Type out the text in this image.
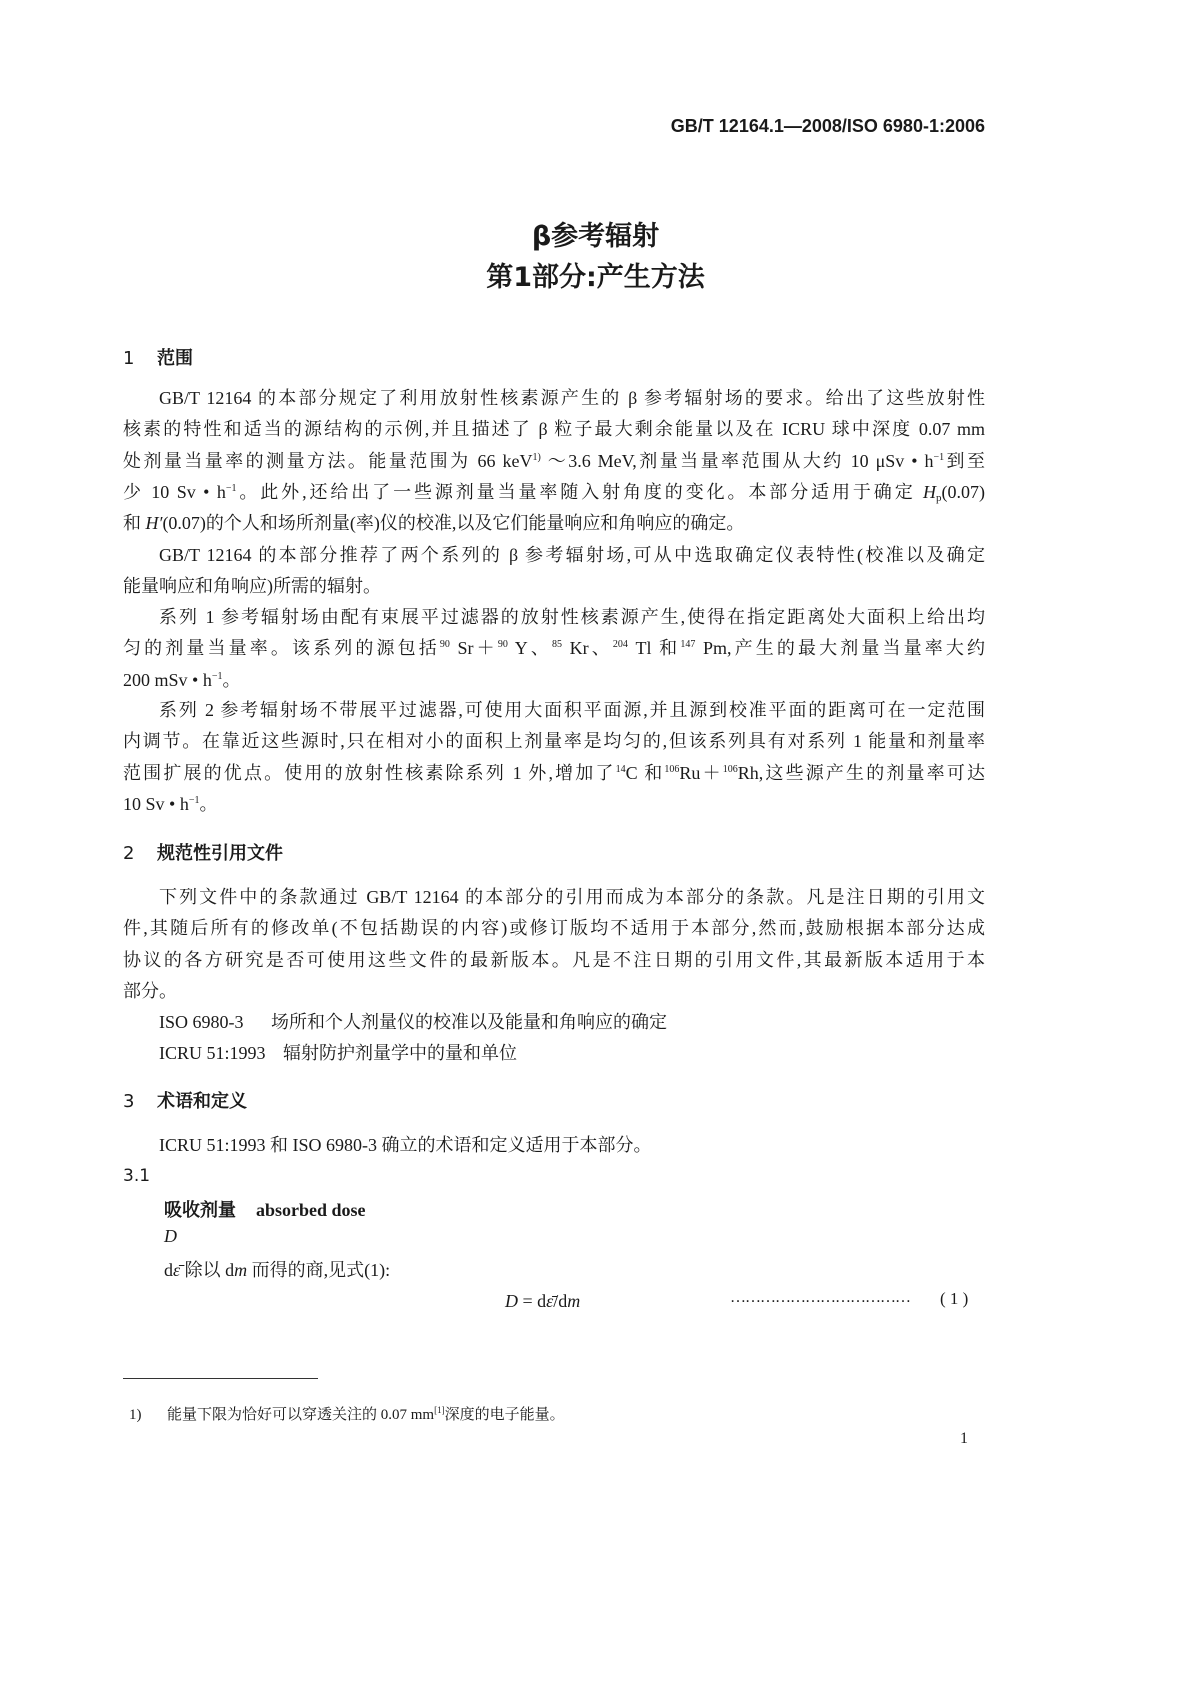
GB/T 12164.1—2008/ISO 6980-1:2006
β参考辐射
第1部分:产生方法
1 范围
GB/T 12164 的本部分规定了利用放射性核素源产生的 β 参考辐射场的要求。给出了这些放射性
核素的特性和适当的源结构的示例,并且描述了 β 粒子最大剩余能量以及在 ICRU 球中深度 0.07 mm
处剂量当量率的测量方法。能量范围为 66 keV$^{1)}$ ～3.6 MeV,剂量当量率范围从大约 10 μSv • $h^{-1}$到至
少 10 Sv • $h^{-1}$。此外,还给出了一些源剂量当量率随入射角度的变化。本部分适用于确定 $H_p(0.07)$
和 H′(0.07)的个人和场所剂量(率)仪的校准,以及它们能量响应和角响应的确定。
GB/T 12164 的本部分推荐了两个系列的 β 参考辐射场,可从中选取确定仪表特性(校准以及确定
能量响应和角响应)所需的辐射。
系列 1 参考辐射场由配有束展平过滤器的放射性核素源产生,使得在指定距离处大面积上给出均
匀的剂量当量率。该系列的源包括$^{90}$ Sr＋$^{90}$ Y、$^{85}$ Kr、$^{204}$ Tl 和$^{147}$ Pm,产生的最大剂量当量率大约
200 mSv • $h^{-1}$。
系列 2 参考辐射场不带展平过滤器,可使用大面积平面源,并且源到校准平面的距离可在一定范围
内调节。在靠近这些源时,只在相对小的面积上剂量率是均匀的,但该系列具有对系列 1 能量和剂量率
范围扩展的优点。使用的放射性核素除系列 1 外,增加了$^{14}$C 和$^{106}$Ru＋$^{106}$Rh,这些源产生的剂量率可达
10 Sv • $h^{-1}$。
2 规范性引用文件
下列文件中的条款通过 GB/T 12164 的本部分的引用而成为本部分的条款。凡是注日期的引用文
件,其随后所有的修改单(不包括勘误的内容)或修订版均不适用于本部分,然而,鼓励根据本部分达成
协议的各方研究是否可使用这些文件的最新版本。凡是不注日期的引用文件,其最新版本适用于本
部分。
ISO 6980-3 场所和个人剂量仪的校准以及能量和角响应的确定
ICRU 51:1993 辐射防护剂量学中的量和单位
3 术语和定义
ICRU 51:1993 和 ISO 6980-3 确立的术语和定义适用于本部分。
3.1
吸收剂量 absorbed dose
D
dε̄ 除以 dm 而得的商,见式(1):
D = dε̄/dm	……………………………… ( 1 )
1) 能量下限为恰好可以穿透关注的 0.07 mm[1]深度的电子能量。
1
